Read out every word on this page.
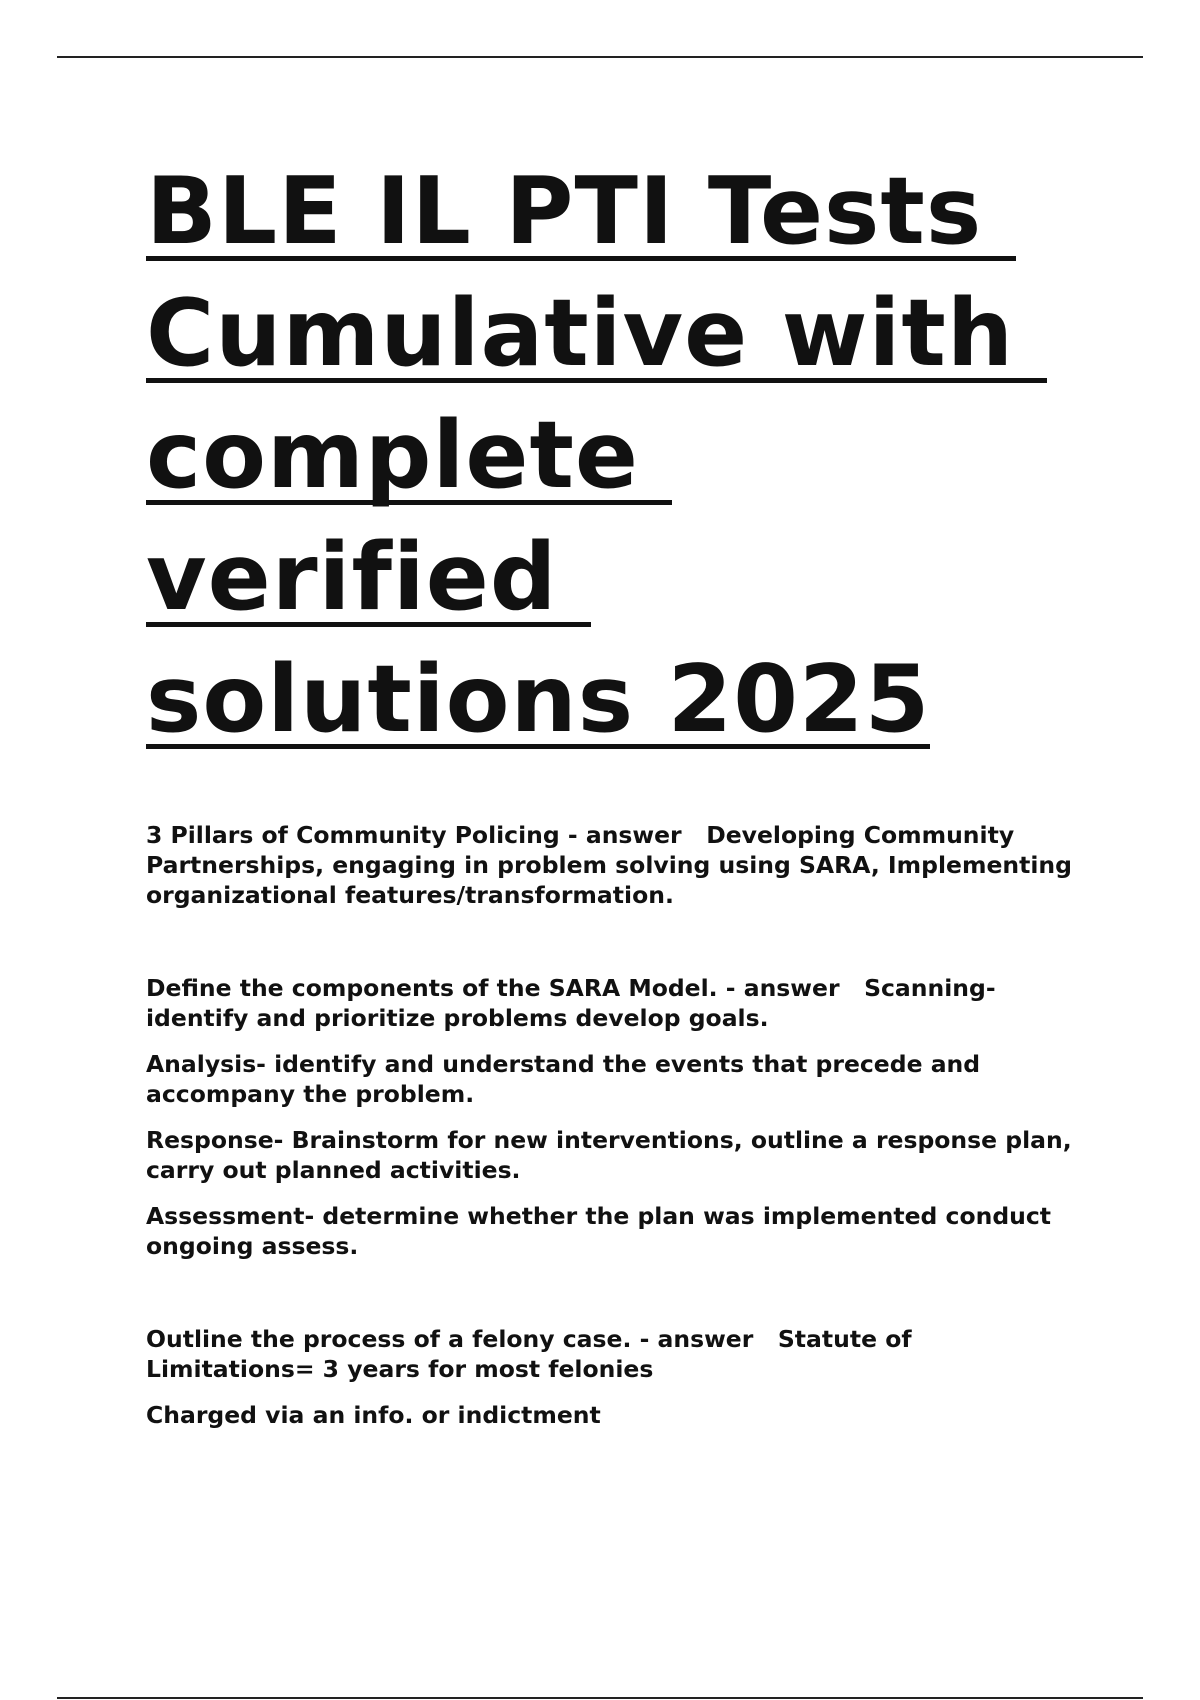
BLE IL PTI Tests
Cumulative with
complete
verified
solutions 2025

3 Pillars of Community Policing - answer   Developing Community Partnerships, engaging in problem solving using SARA, Implementing organizational features/transformation.

Define the components of the SARA Model. - answer   Scanning- identify and prioritize problems develop goals.

Analysis- identify and understand the events that precede and accompany the problem.

Response- Brainstorm for new interventions, outline a response plan, carry out planned activities.

Assessment- determine whether the plan was implemented conduct ongoing assess.

Outline the process of a felony case. - answer   Statute of Limitations= 3 years for most felonies

Charged via an info. or indictment
